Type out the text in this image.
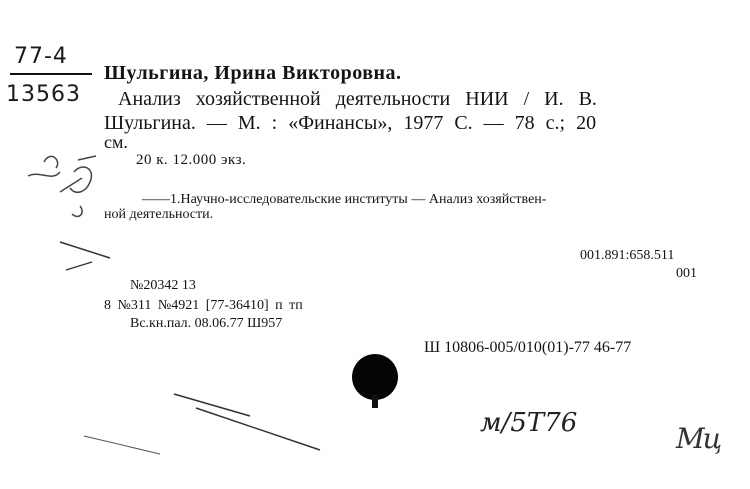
77-4
13563
Шульгина, Ирина Викторовна.
Анализ хозяйственной деятельности НИИ / И. В.
Шульгина. — М. : «Финансы», 1977 С. — 78 с.; 20
см.
20 к. 12.000 экз.
——1.Научно-исследовательские институты — Анализ хозяйствен-
ной деятельности.
001.891:658.511
001
№20342 13
8 №311 №4921 [77-36410] п тп
Вс.кн.пал. 08.06.77 Ш957
Ш 10806-005/010(01)-77 46-77
м/5Т76	Мц
